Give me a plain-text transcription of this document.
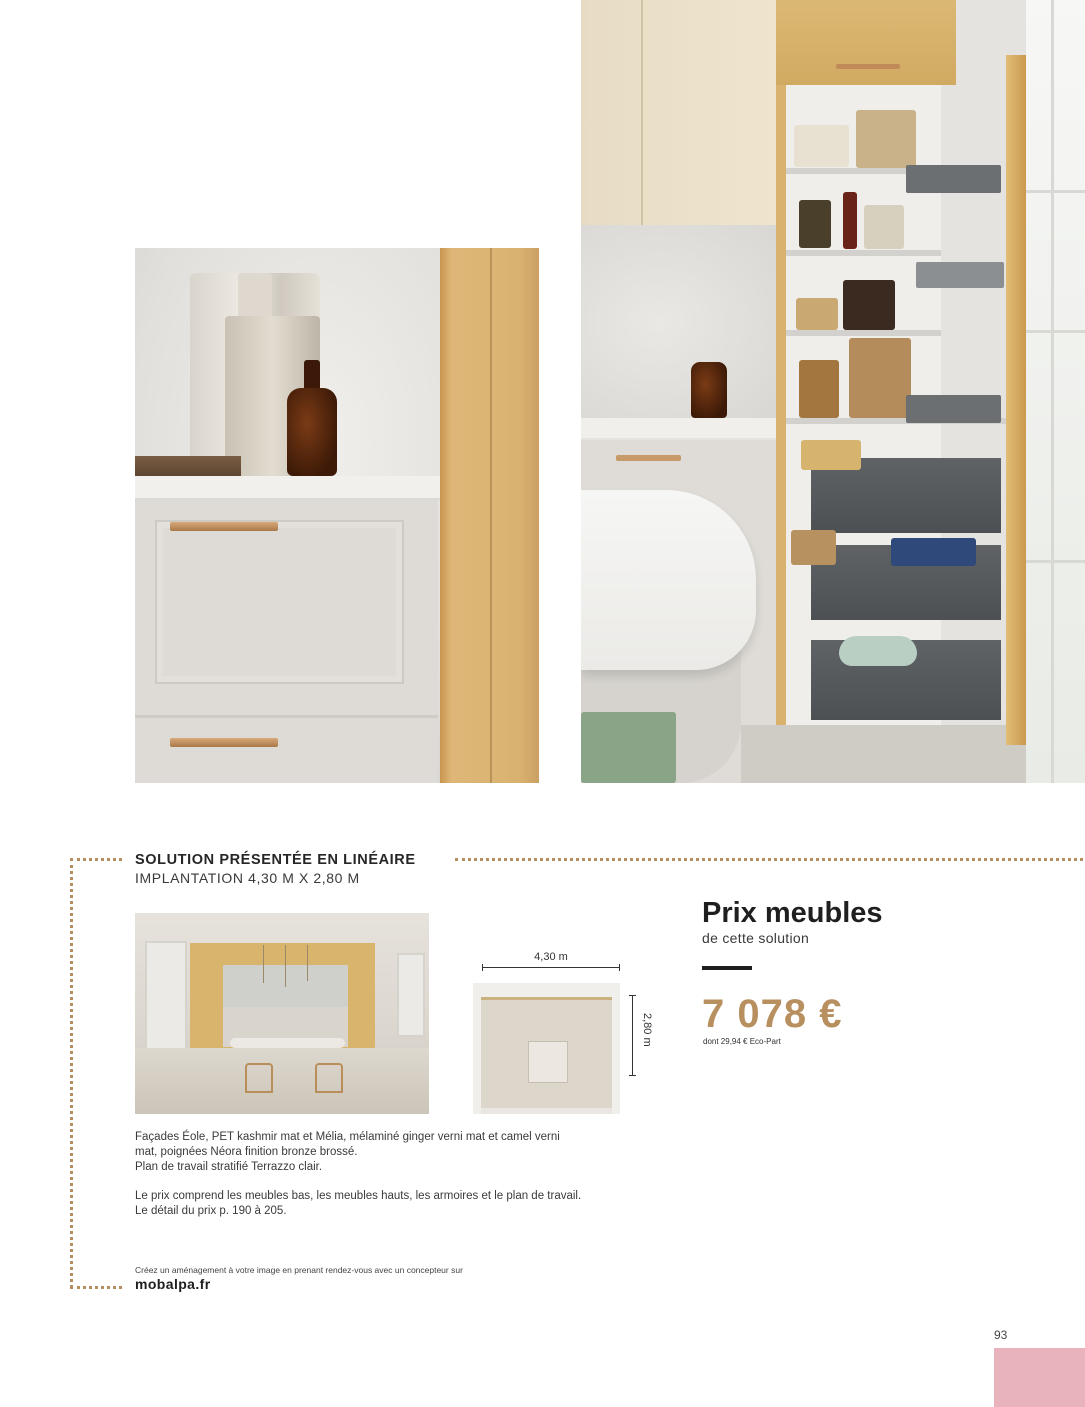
SOLUTION PRÉSENTÉE EN LINÉAIRE
IMPLANTATION 4,30 M X 2,80 M
4,30 m
2,80 m
Prix meubles
de cette solution
7 078 €
dont 29,94 € Eco-Part

Façades Éole, PET kashmir mat et Mélia, mélaminé ginger verni mat et camel verni

mat, poignées Néora finition bronze brossé.

Plan de travail stratifié Terrazzo clair.

Le prix comprend les meubles bas, les meubles hauts, les armoires et le plan de travail.

Le détail du prix p. 190 à 205.

Créez un aménagement à votre image en prenant rendez-vous avec un concepteur sur
mobalpa.fr
93
